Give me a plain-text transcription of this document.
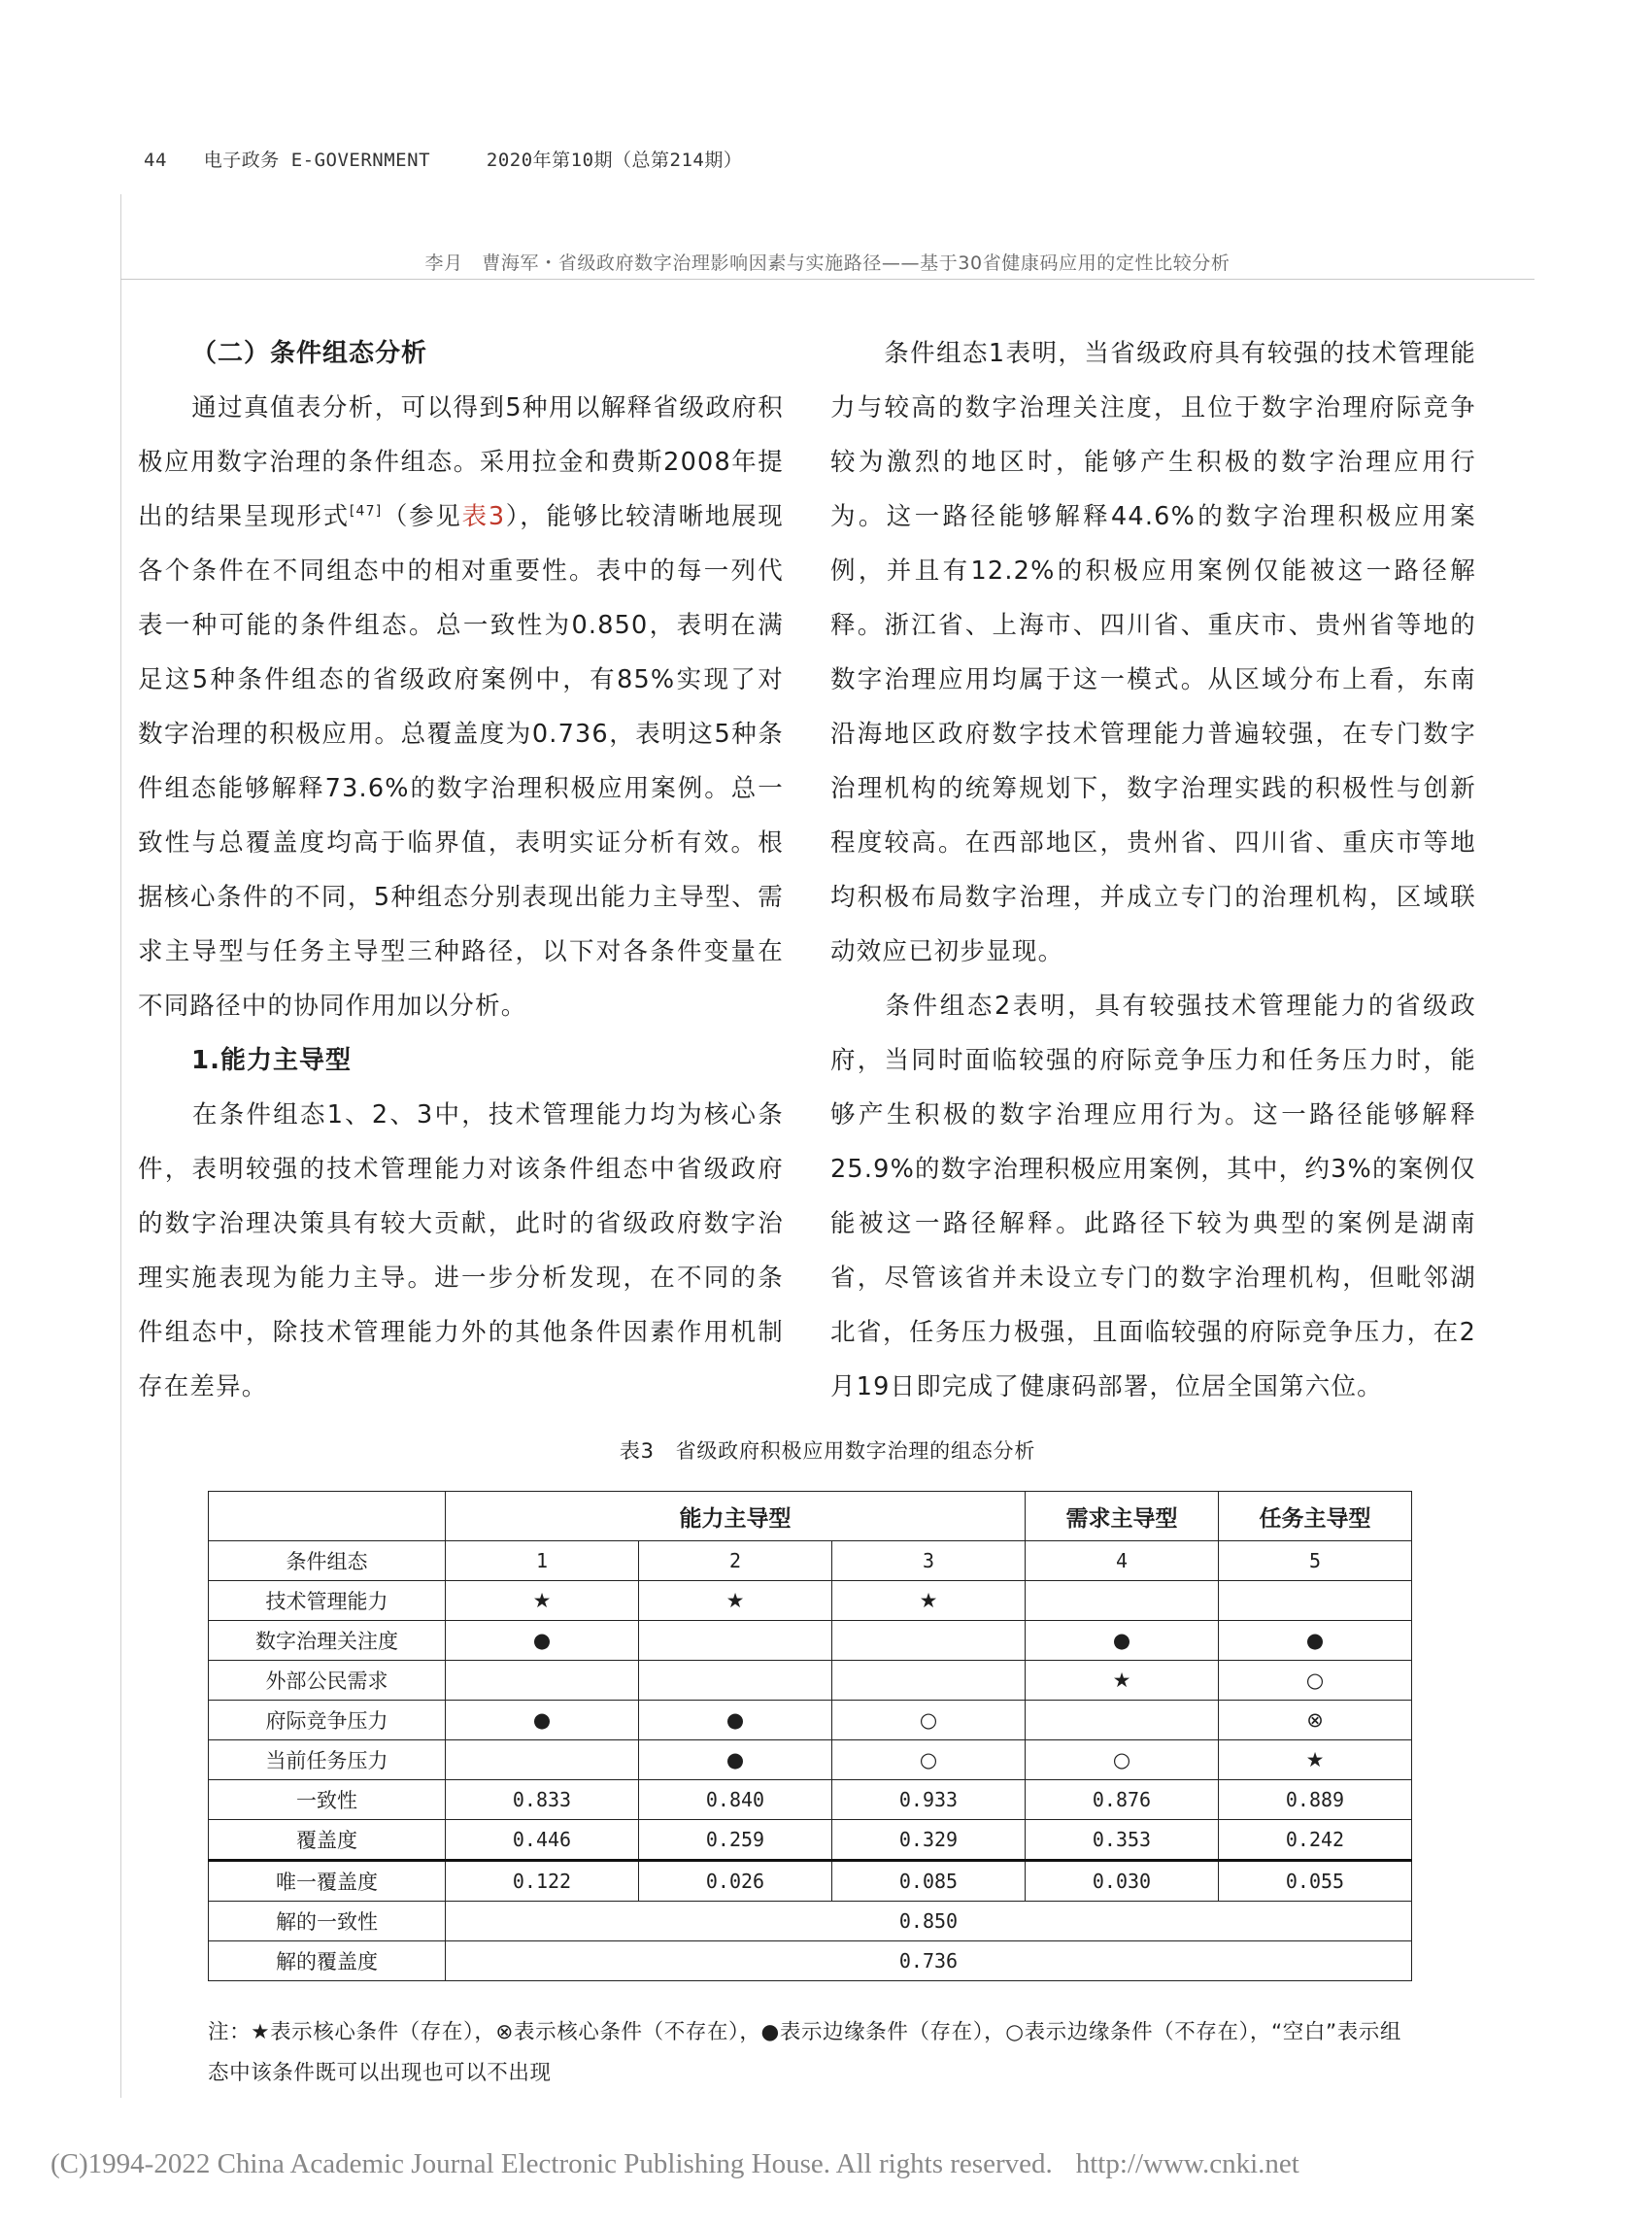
44 电子政务 E-GOVERNMENT	2020年第10期（总第214期）
李月　曹海军・省级政府数字治理影响因素与实施路径——基于30省健康码应用的定性比较分析

（二）条件组态分析

通过真值表分析，可以得到5种用以解释省级政府积极应用数字治理的条件组态。采用拉金和费斯2008年提出的结果呈现形式[47]（参见表3），能够比较清晰地展现各个条件在不同组态中的相对重要性。表中的每一列代表一种可能的条件组态。总一致性为0.850，表明在满足这5种条件组态的省级政府案例中，有85%实现了对数字治理的积极应用。总覆盖度为0.736，表明这5种条件组态能够解释73.6%的数字治理积极应用案例。总一致性与总覆盖度均高于临界值，表明实证分析有效。根据核心条件的不同，5种组态分别表现出能力主导型、需求主导型与任务主导型三种路径，以下对各条件变量在不同路径中的协同作用加以分析。

1.能力主导型

在条件组态1、2、3中，技术管理能力均为核心条件，表明较强的技术管理能力对该条件组态中省级政府的数字治理决策具有较大贡献，此时的省级政府数字治理实施表现为能力主导。进一步分析发现，在不同的条件组态中，除技术管理能力外的其他条件因素作用机制存在差异。

条件组态1表明，当省级政府具有较强的技术管理能力与较高的数字治理关注度，且位于数字治理府际竞争较为激烈的地区时，能够产生积极的数字治理应用行为。这一路径能够解释44.6%的数字治理积极应用案例，并且有12.2%的积极应用案例仅能被这一路径解释。浙江省、上海市、四川省、重庆市、贵州省等地的数字治理应用均属于这一模式。从区域分布上看，东南沿海地区政府数字技术管理能力普遍较强，在专门数字治理机构的统筹规划下，数字治理实践的积极性与创新程度较高。在西部地区，贵州省、四川省、重庆市等地均积极布局数字治理，并成立专门的治理机构，区域联动效应已初步显现。

条件组态2表明，具有较强技术管理能力的省级政府，当同时面临较强的府际竞争压力和任务压力时，能够产生积极的数字治理应用行为。这一路径能够解释25.9%的数字治理积极应用案例，其中，约3%的案例仅能被这一路径解释。此路径下较为典型的案例是湖南省，尽管该省并未设立专门的数字治理机构，但毗邻湖北省，任务压力极强，且面临较强的府际竞争压力，在2月19日即完成了健康码部署，位居全国第六位。

表3　省级政府积极应用数字治理的组态分析
	能力主导型			需求主导型	任务主导型
条件组态	1	2	3	4	5
技术管理能力	★	★	★		
数字治理关注度	●			●	●
外部公民需求				★	○
府际竞争压力	●	●	○		⊗
当前任务压力		●	○	○	★
一致性	0.833	0.840	0.933	0.876	0.889
覆盖度	0.446	0.259	0.329	0.353	0.242
唯一覆盖度	0.122	0.026	0.085	0.030	0.055
解的一致性	0.850				
解的覆盖度	0.736				
注：★表示核心条件（存在），⊗表示核心条件（不存在），●表示边缘条件（存在），○表示边缘条件（不存在），“空白”表示组态中该条件既可以出现也可以不出现
(C)1994-2022 China Academic Journal Electronic Publishing House. All rights reserved. http://www.cnki.net
